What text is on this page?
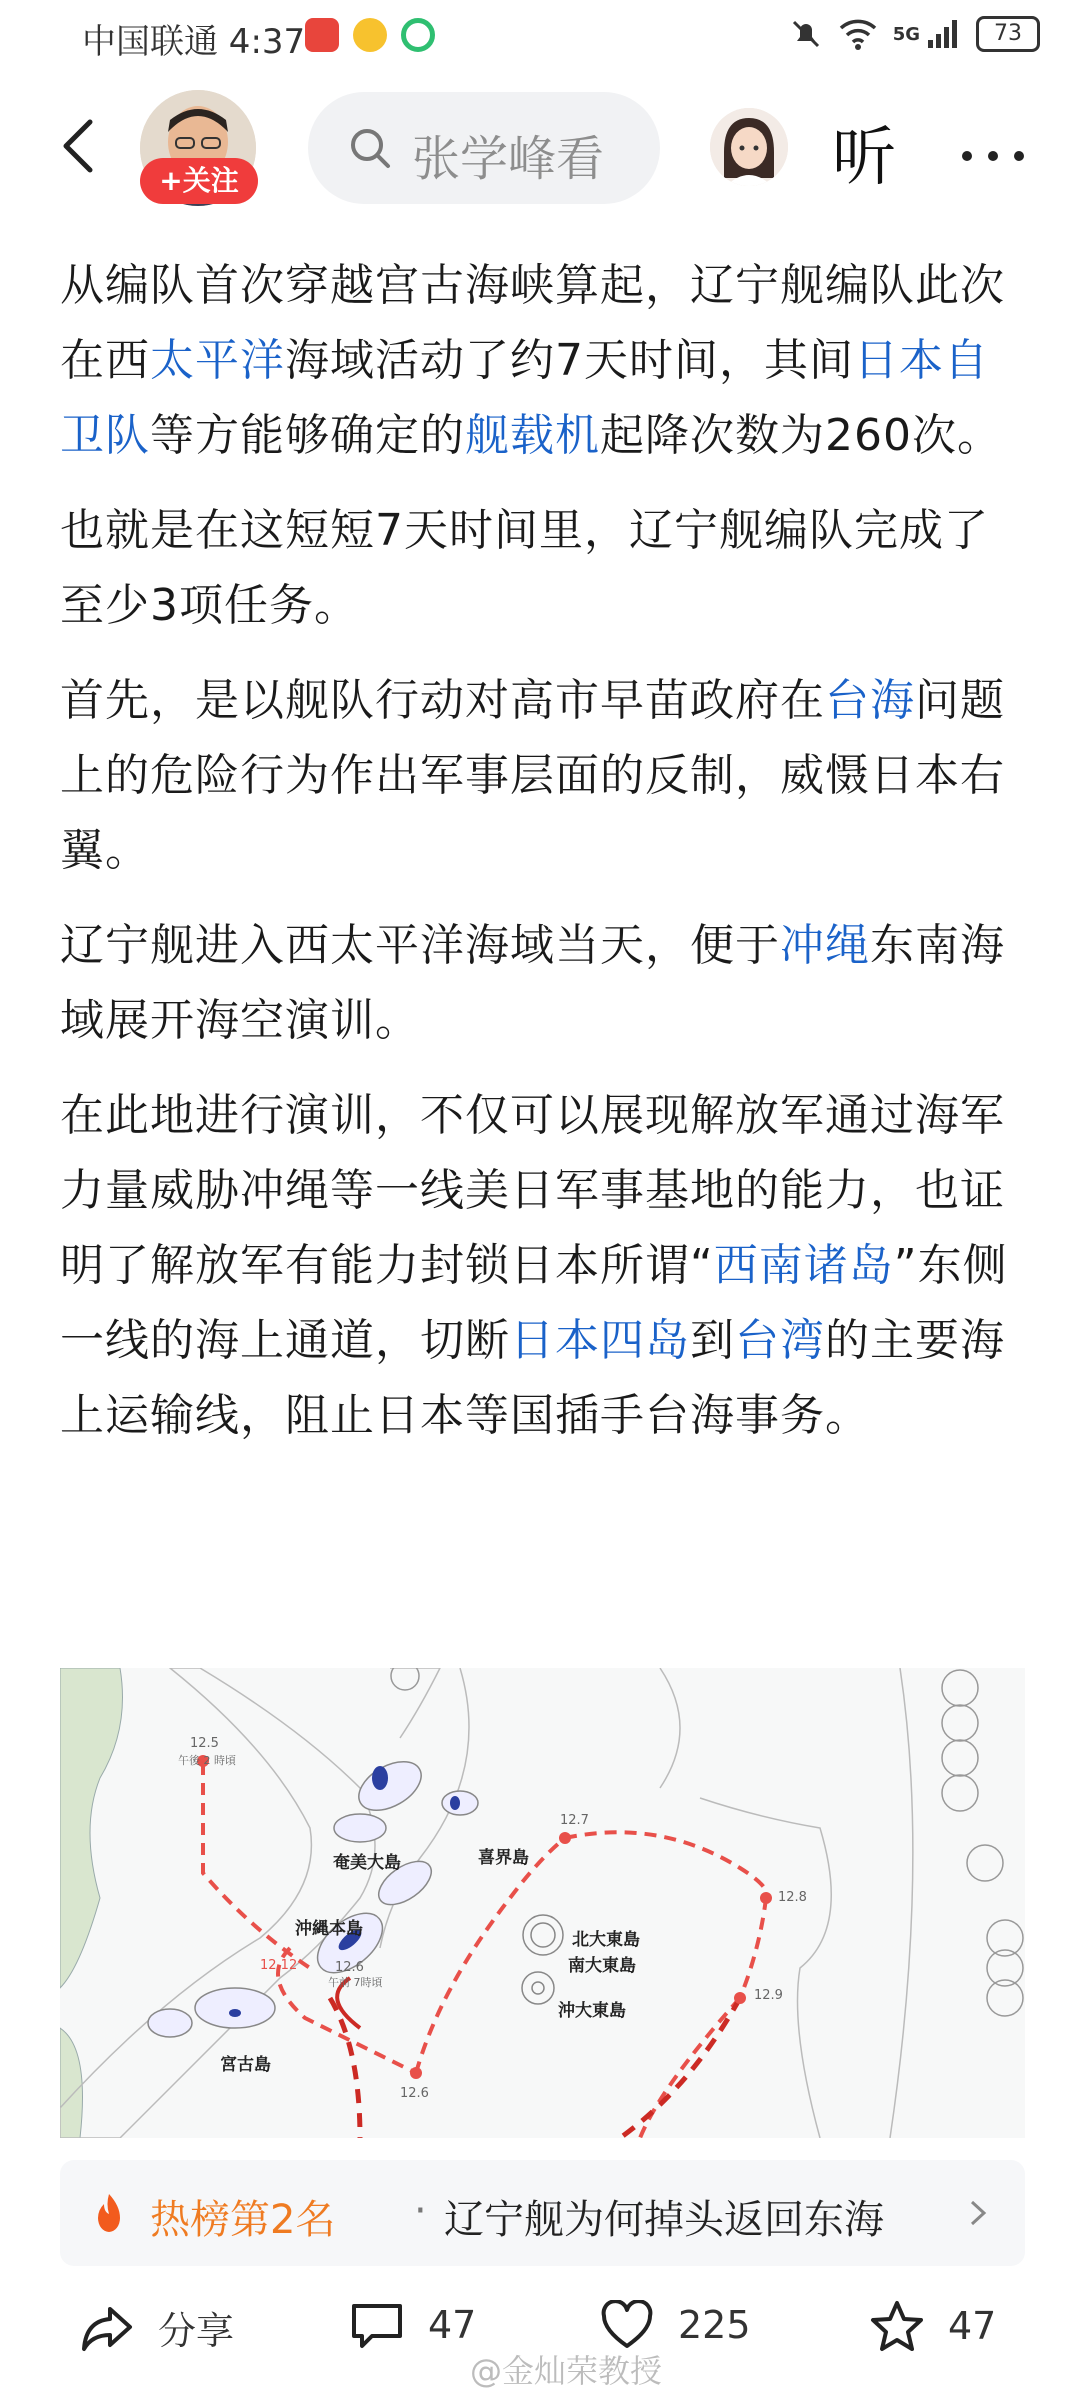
中国联通 4:37	5G	73
+关注	张学峰看	听

从编队首次穿越宫古海峡算起，辽宁舰编队此次在西太平洋海域活动了约7天时间，其间日本自卫队等方能够确定的舰载机起降次数为260次。

也就是在这短短7天时间里，辽宁舰编队完成了至少3项任务。

首先，是以舰队行动对高市早苗政府在台海问题上的危险行为作出军事层面的反制，威慑日本右翼。

辽宁舰进入西太平洋海域当天，便于冲绳东南海域展开海空演训。

在此地进行演训，不仅可以展现解放军通过海军力量威胁冲绳等一线美日军事基地的能力，也证明了解放军有能力封锁日本所谓“西南诸岛”东侧一线的海上通道，切断日本四岛到台湾的主要海上运输线，阻止日本等国插手台海事务。

奄美大島	喜界島
沖縄本島
北大東島
南大東島
沖大東島
宮古島
12.5
午後 2 時頃
12.12	12.6
午前 7時頃
12.6
12.7
12.8
12.9
热榜第2名 · 辽宁舰为何掉头返回东海
分享	47	225	47
@金灿荣教授
